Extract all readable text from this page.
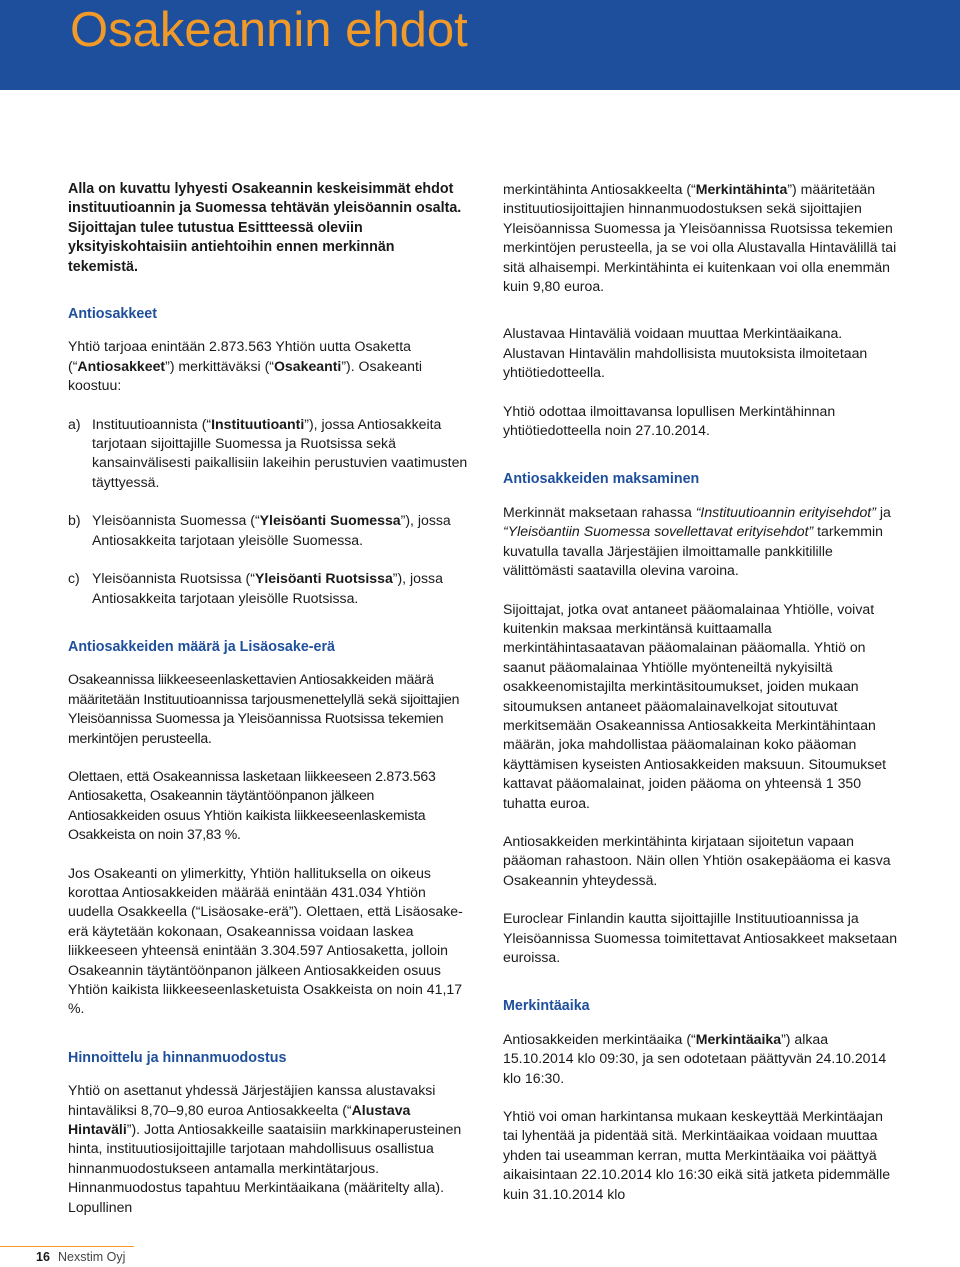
Osakeannin ehdot

Alla on kuvattu lyhyesti Osakeannin keskeisimmät ehdot instituutioannin ja Suomessa tehtävän yleisöannin osalta. Sijoittajan tulee tutustua Esittteessä oleviin yksityiskohtaisiin antiehtoihin ennen merkinnän tekemistä.

Antiosakkeet

Yhtiö tarjoaa enintään 2.873.563 Yhtiön uutta Osaketta (“Antiosakkeet”) merkittäväksi (“Osakeanti”). Osakeanti koostuu:

a) Instituutioannista (“Instituutioanti”), jossa Antiosakkeita tarjotaan sijoittajille Suomessa ja Ruotsissa sekä kansainvälisesti paikallisiin lakeihin perustuvien vaatimusten täyttyessä.
b) Yleisöannista Suomessa (“Yleisöanti Suomessa”), jossa Antiosakkeita tarjotaan yleisölle Suomessa.
c) Yleisöannista Ruotsissa (“Yleisöanti Ruotsissa”), jossa Antiosakkeita tarjotaan yleisölle Ruotsissa.

Antiosakkeiden määrä ja Lisäosake-erä

Osakeannissa liikkeeseenlaskettavien Antiosakkeiden määrä määritetään Instituutioannissa tarjousmenettelyllä sekä sijoittajien Yleisöannissa Suomessa ja Yleisöannissa Ruotsissa tekemien merkintöjen perusteella.

Olettaen, että Osakeannissa lasketaan liikkeeseen 2.873.563 Antiosaketta, Osakeannin täytäntöönpanon jälkeen Antiosakkeiden osuus Yhtiön kaikista liikkeeseenlaskemista Osakkeista on noin 37,83 %.

Jos Osakeanti on ylimerkitty, Yhtiön hallituksella on oikeus korottaa Antiosakkeiden määrää enintään 431.034 Yhtiön uudella Osakkeella (“Lisäosake-erä”). Olettaen, että Lisäosake-erä käytetään kokonaan, Osakeannissa voidaan laskea liikkeeseen yhteensä enintään 3.304.597 Antiosaketta, jolloin Osakeannin täytäntöönpanon jälkeen Antiosakkeiden osuus Yhtiön kaikista liikkeeseenlasketuista Osakkeista on noin 41,17 %.

Hinnoittelu ja hinnanmuodostus

Yhtiö on asettanut yhdessä Järjestäjien kanssa alustavaksi hintaväliksi 8,70–9,80 euroa Antiosakkeelta (“Alustava Hintaväli”). Jotta Antiosakkeille saataisiin markkinaperusteinen hinta, instituutiosijoittajille tarjotaan mahdollisuus osallistua hinnanmuodostukseen antamalla merkintätarjous. Hinnanmuodostus tapahtuu Merkintäaikana (määritelty alla). Lopullinen

merkintähinta Antiosakkeelta (“Merkintähinta”) määritetään instituutiosijoittajien hinnanmuodostuksen sekä sijoittajien Yleisöannissa Suomessa ja Yleisöannissa Ruotsissa tekemien merkintöjen perusteella, ja se voi olla Alustavalla Hintavälillä tai sitä alhaisempi. Merkintähinta ei kuitenkaan voi olla enemmän kuin 9,80 euroa.

Alustavaa Hintaväliä voidaan muuttaa Merkintäaikana. Alustavan Hintavälin mahdollisista muutoksista ilmoitetaan yhtiötiedotteella.

Yhtiö odottaa ilmoittavansa lopullisen Merkintähinnan yhtiötiedotteella noin 27.10.2014.

Antiosakkeiden maksaminen

Merkinnät maksetaan rahassa “Instituutioannin erityisehdot” ja “Yleisöantiin Suomessa sovellettavat erityisehdot” tarkemmin kuvatulla tavalla Järjestäjien ilmoittamalle pankkitilille välittömästi saatavilla olevina varoina.

Sijoittajat, jotka ovat antaneet pääomalainaa Yhtiölle, voivat kuitenkin maksaa merkintänsä kuittaamalla merkintähintasaatavan pääomalainan pääomalla. Yhtiö on saanut pääomalainaa Yhtiölle myönteneiltä nykyisiltä osakkeenomistajilta merkintäsitoumukset, joiden mukaan sitoumuksen antaneet pääomalainavelkojat sitoutuvat merkitsemään Osakeannissa Antiosakkeita Merkintähintaan määrän, joka mahdollistaa pääomalainan koko pääoman käyttämisen kyseisten Antiosakkeiden maksuun. Sitoumukset kattavat pääomalainat, joiden pääoma on yhteensä 1 350 tuhatta euroa.

Antiosakkeiden merkintähinta kirjataan sijoitetun vapaan pääoman rahastoon. Näin ollen Yhtiön osakepääoma ei kasva Osakeannin yhteydessä.

Euroclear Finlandin kautta sijoittajille Instituutioannissa ja Yleisöannissa Suomessa toimitettavat Antiosakkeet maksetaan euroissa.

Merkintäaika

Antiosakkeiden merkintäaika (“Merkintäaika”) alkaa 15.10.2014 klo 09:30, ja sen odotetaan päättyvän 24.10.2014 klo 16:30.

Yhtiö voi oman harkintansa mukaan keskeyttää Merkintäajan tai lyhentää ja pidentää sitä. Merkintäaikaa voidaan muuttaa yhden tai useamman kerran, mutta Merkintäaika voi päättyä aikaisintaan 22.10.2014 klo 16:30 eikä sitä jatketa pidemmälle kuin 31.10.2014 klo

16 Nexstim Oyj
